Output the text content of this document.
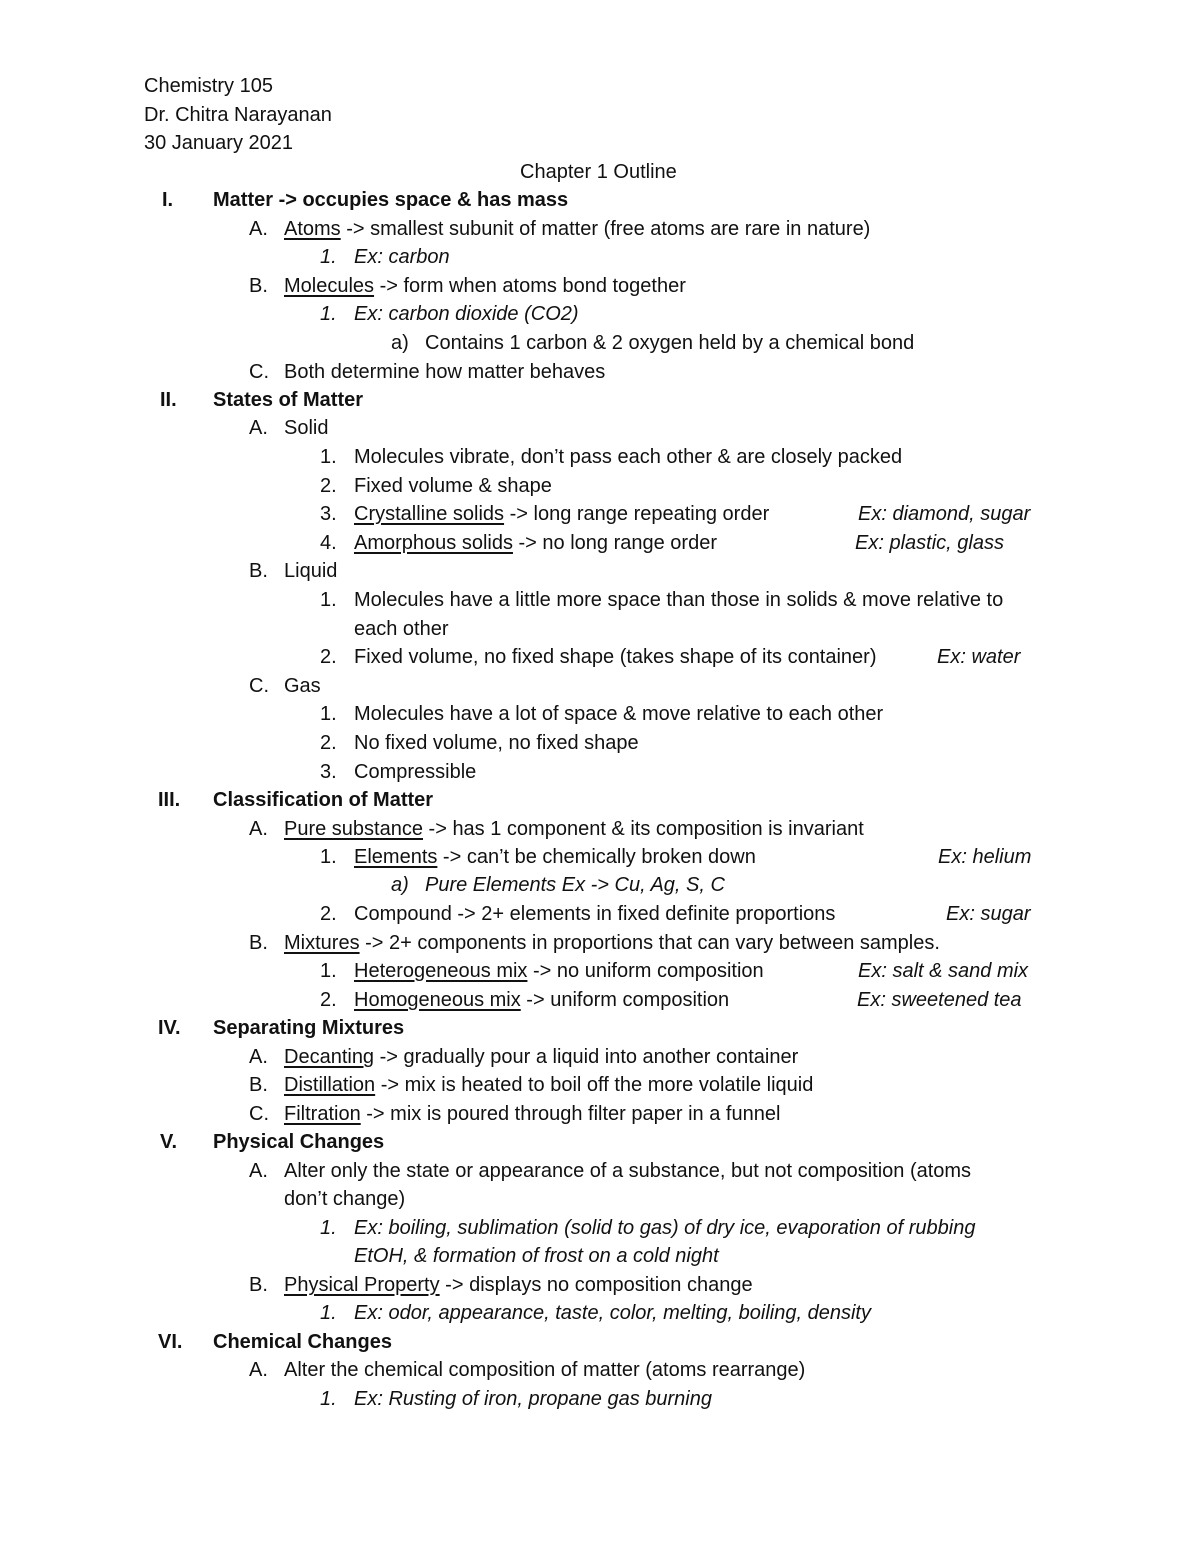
Chemistry 105
Dr. Chitra Narayanan
30 January 2021
Chapter 1 Outline
I. Matter -> occupies space & has mass
A. Atoms -> smallest subunit of matter (free atoms are rare in nature)
1. Ex: carbon
B. Molecules -> form when atoms bond together
1. Ex: carbon dioxide (CO2)
a) Contains 1 carbon & 2 oxygen held by a chemical bond
C. Both determine how matter behaves
II. States of Matter
A. Solid
1. Molecules vibrate, don’t pass each other & are closely packed
2. Fixed volume & shape
3. Crystalline solids -> long range repeating order	Ex: diamond, sugar
4. Amorphous solids -> no long range order	Ex: plastic, glass
B. Liquid
1. Molecules have a little more space than those in solids & move relative to
each other
2. Fixed volume, no fixed shape (takes shape of its container)	Ex: water
C. Gas
1. Molecules have a lot of space & move relative to each other
2. No fixed volume, no fixed shape
3. Compressible
III. Classification of Matter
A. Pure substance -> has 1 component & its composition is invariant
1. Elements -> can’t be chemically broken down	Ex: helium
a) Pure Elements Ex -> Cu, Ag, S, C
2. Compound -> 2+ elements in fixed definite proportions	Ex: sugar
B. Mixtures -> 2+ components in proportions that can vary between samples.
1. Heterogeneous mix -> no uniform composition	Ex: salt & sand mix
2. Homogeneous mix -> uniform composition	Ex: sweetened tea
IV. Separating Mixtures
A. Decanting -> gradually pour a liquid into another container
B. Distillation -> mix is heated to boil off the more volatile liquid
C. Filtration -> mix is poured through filter paper in a funnel
V. Physical Changes
A. Alter only the state or appearance of a substance, but not composition (atoms
don’t change)
1. Ex: boiling, sublimation (solid to gas) of dry ice, evaporation of rubbing
EtOH, & formation of frost on a cold night
B. Physical Property -> displays no composition change
1. Ex: odor, appearance, taste, color, melting, boiling, density
VI. Chemical Changes
A. Alter the chemical composition of matter (atoms rearrange)
1. Ex: Rusting of iron, propane gas burning
